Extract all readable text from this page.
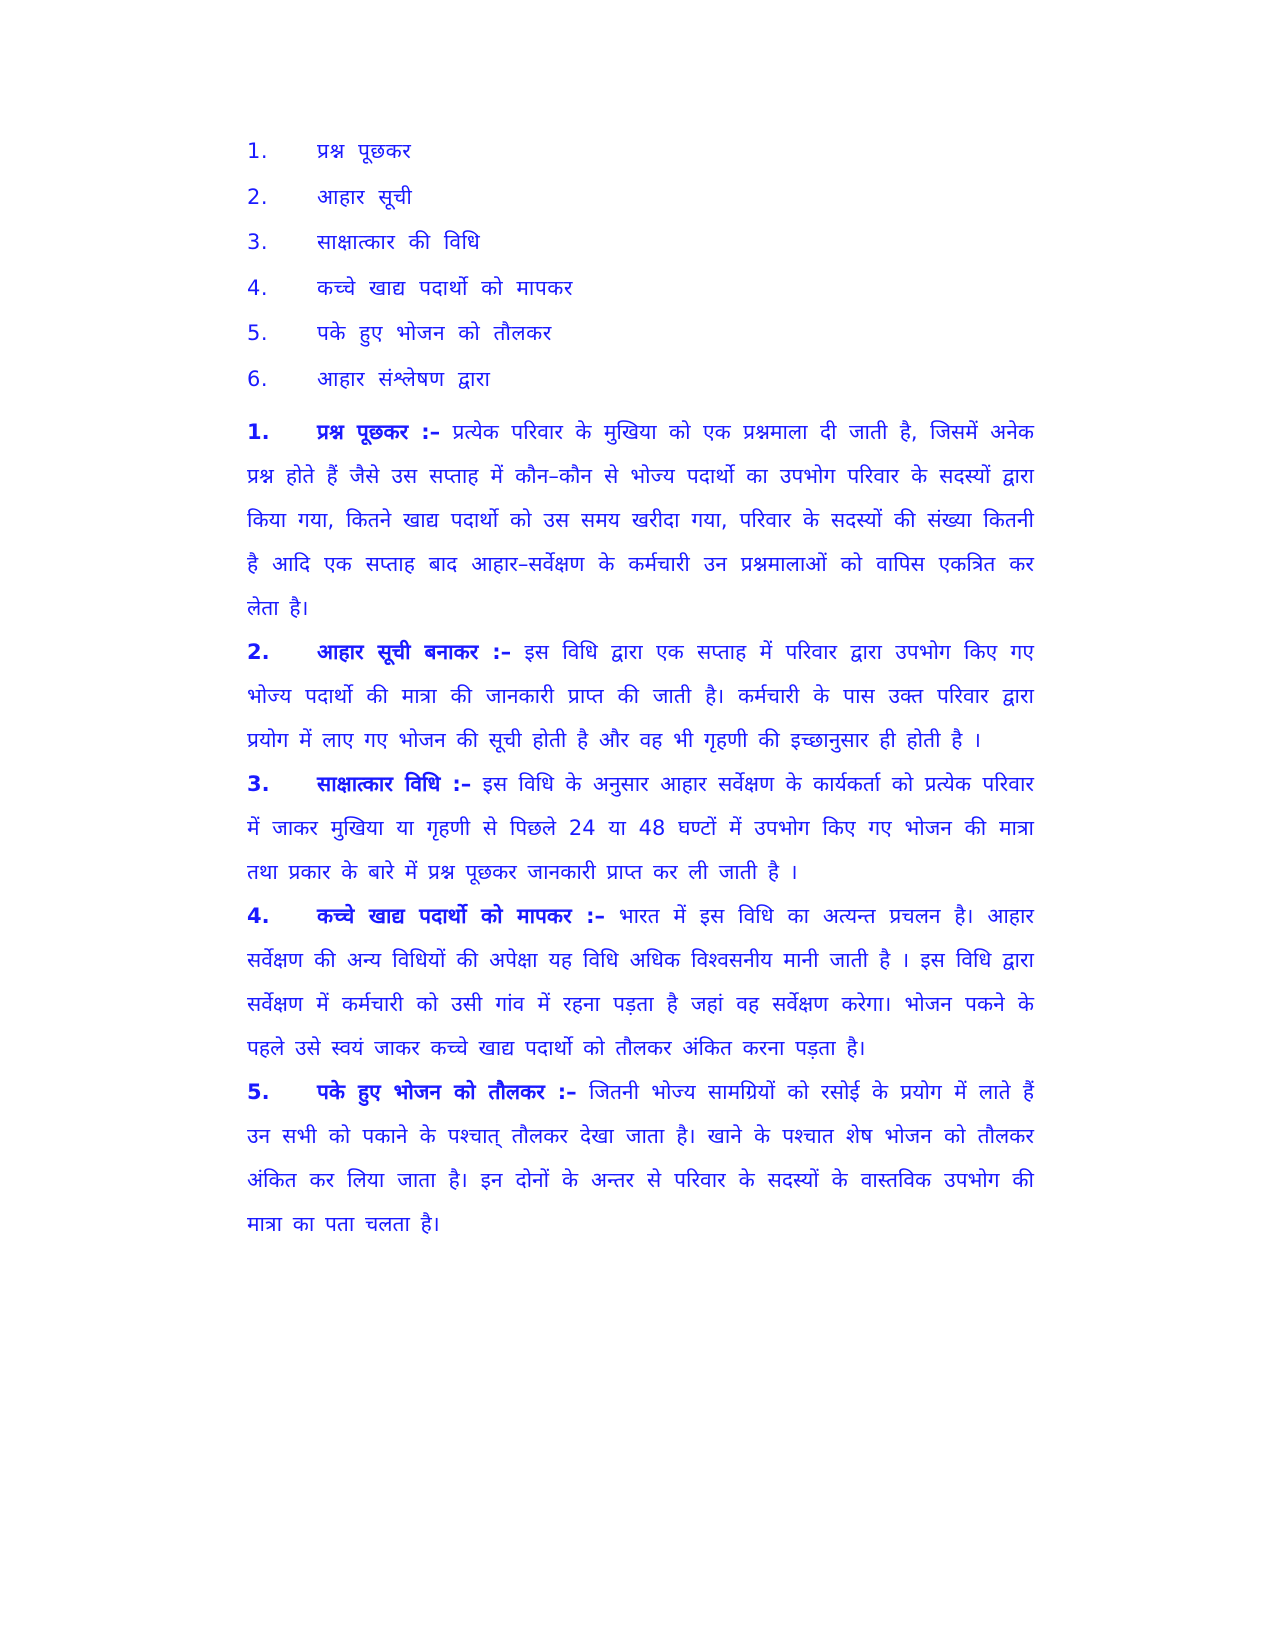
1.	प्रश्न पूछकर
2.	आहार सूची
3.	साक्षात्कार की विधि
4.	कच्चे खाद्य पदार्थो को मापकर
5.	पके हुए भोजन को तौलकर
6.	आहार संश्लेषण द्वारा

1. प्रश्न पूछकर :– प्रत्येक परिवार के मुखिया को एक प्रश्नमाला दी जाती है, जिसमें अनेक प्रश्न होते हैं जैसे उस सप्ताह में कौन–कौन से भोज्य पदार्थो का उपभोग परिवार के सदस्यों द्वारा किया गया, कितने खाद्य पदार्थो को उस समय खरीदा गया, परिवार के सदस्यों की संख्या कितनी है आदि एक सप्ताह बाद आहार–सर्वेक्षण के कर्मचारी उन प्रश्नमालाओं को वापिस एकत्रित कर लेता है।

2. आहार सूची बनाकर :– इस विधि द्वारा एक सप्ताह में परिवार द्वारा उपभोग किए गए भोज्य पदार्थो की मात्रा की जानकारी प्राप्त की जाती है। कर्मचारी के पास उक्त परिवार द्वारा प्रयोग में लाए गए भोजन की सूची होती है और वह भी गृहणी की इच्छानुसार ही होती है ।

3. साक्षात्कार विधि :– इस विधि के अनुसार आहार सर्वेक्षण के कार्यकर्ता को प्रत्येक परिवार में जाकर मुखिया या गृहणी से पिछले 24 या 48 घण्टों में उपभोग किए गए भोजन की मात्रा तथा प्रकार के बारे में प्रश्न पूछकर जानकारी प्राप्त कर ली जाती है ।

4. कच्चे खाद्य पदार्थो को मापकर :– भारत में इस विधि का अत्यन्त प्रचलन है। आहार सर्वेक्षण की अन्य विधियों की अपेक्षा यह विधि अधिक विश्वसनीय मानी जाती है । इस विधि द्वारा सर्वेक्षण में कर्मचारी को उसी गांव में रहना पड़ता है जहां वह सर्वेक्षण करेगा। भोजन पकने के पहले उसे स्वयं जाकर कच्चे खाद्य पदार्थो को तौलकर अंकित करना पड़ता है।

5. पके हुए भोजन को तौलकर :– जितनी भोज्य सामग्रियों को रसोई के प्रयोग में लाते हैं उन सभी को पकाने के पश्चात् तौलकर देखा जाता है। खाने के पश्चात शेष भोजन को तौलकर अंकित कर लिया जाता है। इन दोनों के अन्तर से परिवार के सदस्यों के वास्तविक उपभोग की मात्रा का पता चलता है।
